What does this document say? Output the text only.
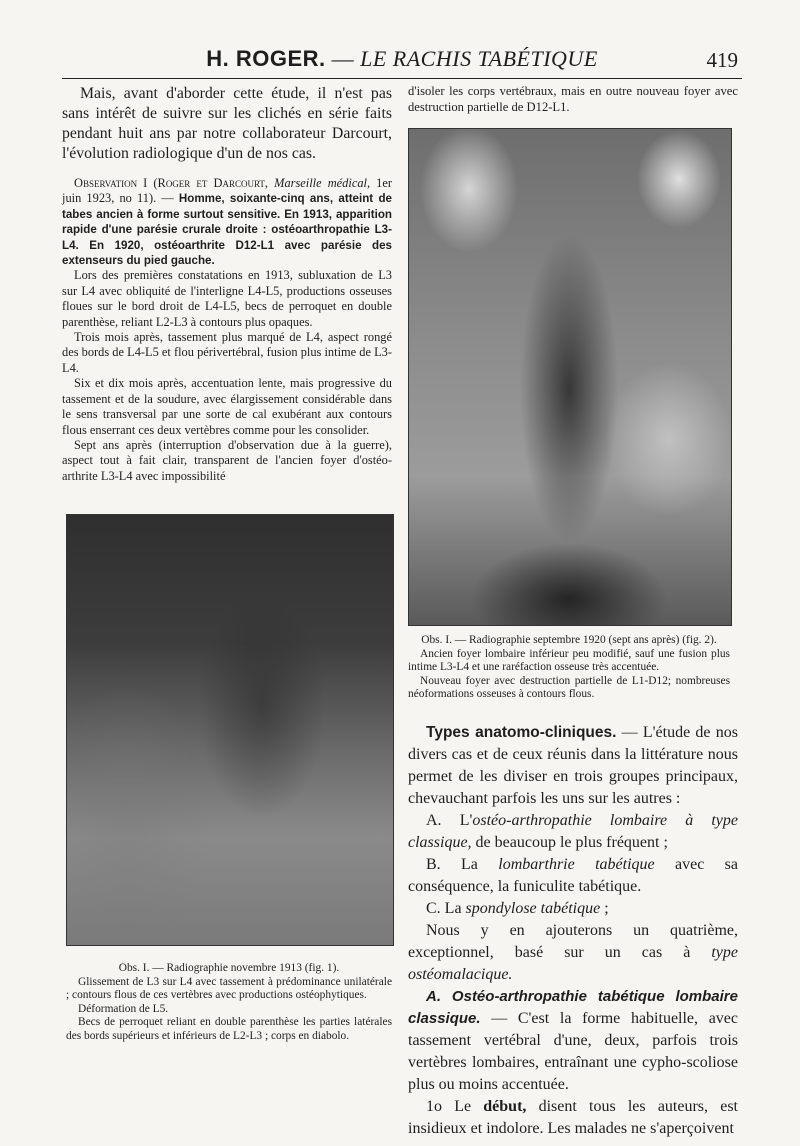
H. ROGER. — LE RACHIS TABÉTIQUE	419

Mais, avant d'aborder cette étude, il n'est pas sans intérêt de suivre sur les clichés en série faits pendant huit ans par notre collaborateur Darcourt, l'évolution radiologique d'un de nos cas.

Observation I (Roger et Darcourt, Marseille médical, 1er juin 1923, no 11). — Homme, soixante-cinq ans, atteint de tabes ancien à forme surtout sensitive. En 1913, apparition rapide d'une parésie crurale droite : ostéoarthropathie L3-L4. En 1920, ostéoarthrite D12-L1 avec parésie des extenseurs du pied gauche.

Lors des premières constatations en 1913, subluxation de L3 sur L4 avec obliquité de l'interligne L4-L5, productions osseuses floues sur le bord droit de L4-L5, becs de perroquet en double parenthèse, reliant L2-L3 à contours plus opaques.

Trois mois après, tassement plus marqué de L4, aspect rongé des bords de L4-L5 et flou périvertébral, fusion plus intime de L3-L4.

Six et dix mois après, accentuation lente, mais progressive du tassement et de la soudure, avec élargissement considérable dans le sens transversal par une sorte de cal exubérant aux contours flous enserrant ces deux vertèbres comme pour les consolider.

Sept ans après (interruption d'observation due à la guerre), aspect tout à fait clair, transparent de l'ancien foyer d'ostéo-arthrite L3-L4 avec impossibilité

Obs. I. — Radiographie novembre 1913 (fig. 1).

Glissement de L3 sur L4 avec tassement à prédominance unilatérale ; contours flous de ces vertèbres avec productions ostéophytiques.

Déformation de L5.

Becs de perroquet reliant en double parenthèse les parties latérales des bords supérieurs et inférieurs de L2-L3 ; corps en diabolo.

d'isoler les corps vertébraux, mais en outre nouveau foyer avec destruction partielle de D12-L1.

Obs. I. — Radiographie septembre 1920 (sept ans après) (fig. 2).

Ancien foyer lombaire inférieur peu modifié, sauf une fusion plus intime L3-L4 et une raréfaction osseuse très accentuée.

Nouveau foyer avec destruction partielle de L1-D12; nombreuses néoformations osseuses à contours flous.

Types anatomo-cliniques. — L'étude de nos divers cas et de ceux réunis dans la littérature nous permet de les diviser en trois groupes principaux, chevauchant parfois les uns sur les autres :

A. L'ostéo-arthropathie lombaire à type classique, de beaucoup le plus fréquent ;

B. La lombarthrie tabétique avec sa conséquence, la funiculite tabétique.

C. La spondylose tabétique ;

Nous y en ajouterons un quatrième, exceptionnel, basé sur un cas à type ostéomalacique.

A. Ostéo-arthropathie tabétique lombaire classique. — C'est la forme habituelle, avec tassement vertébral d'une, deux, parfois trois vertèbres lombaires, entraînant une cypho-scoliose plus ou moins accentuée.

1o Le début, disent tous les auteurs, est insidieux et indolore. Les malades ne s'aperçoivent
